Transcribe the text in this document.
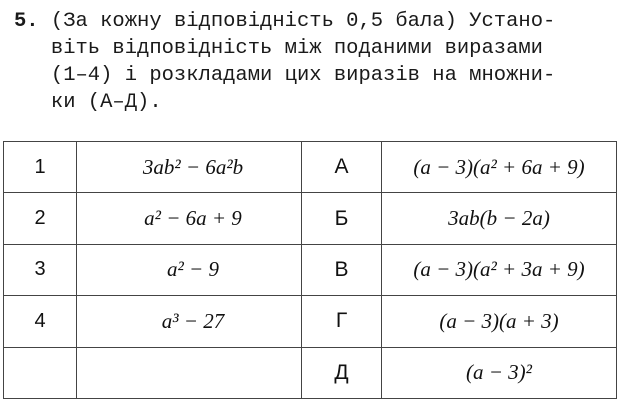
5. (За кожну відповідність 0,5 бала) Устано-
віть відповідність між поданими виразами
(1–4) і розкладами цих виразів на множни-
ки (А–Д).
1	3ab² − 6a²b	А	(a − 3)(a² + 6a + 9)
2	a² − 6a + 9	Б	3ab(b − 2a)
3	a² − 9	В	(a − 3)(a² + 3a + 9)
4	a³ − 27	Г	(a − 3)(a + 3)
		Д	(a − 3)²
